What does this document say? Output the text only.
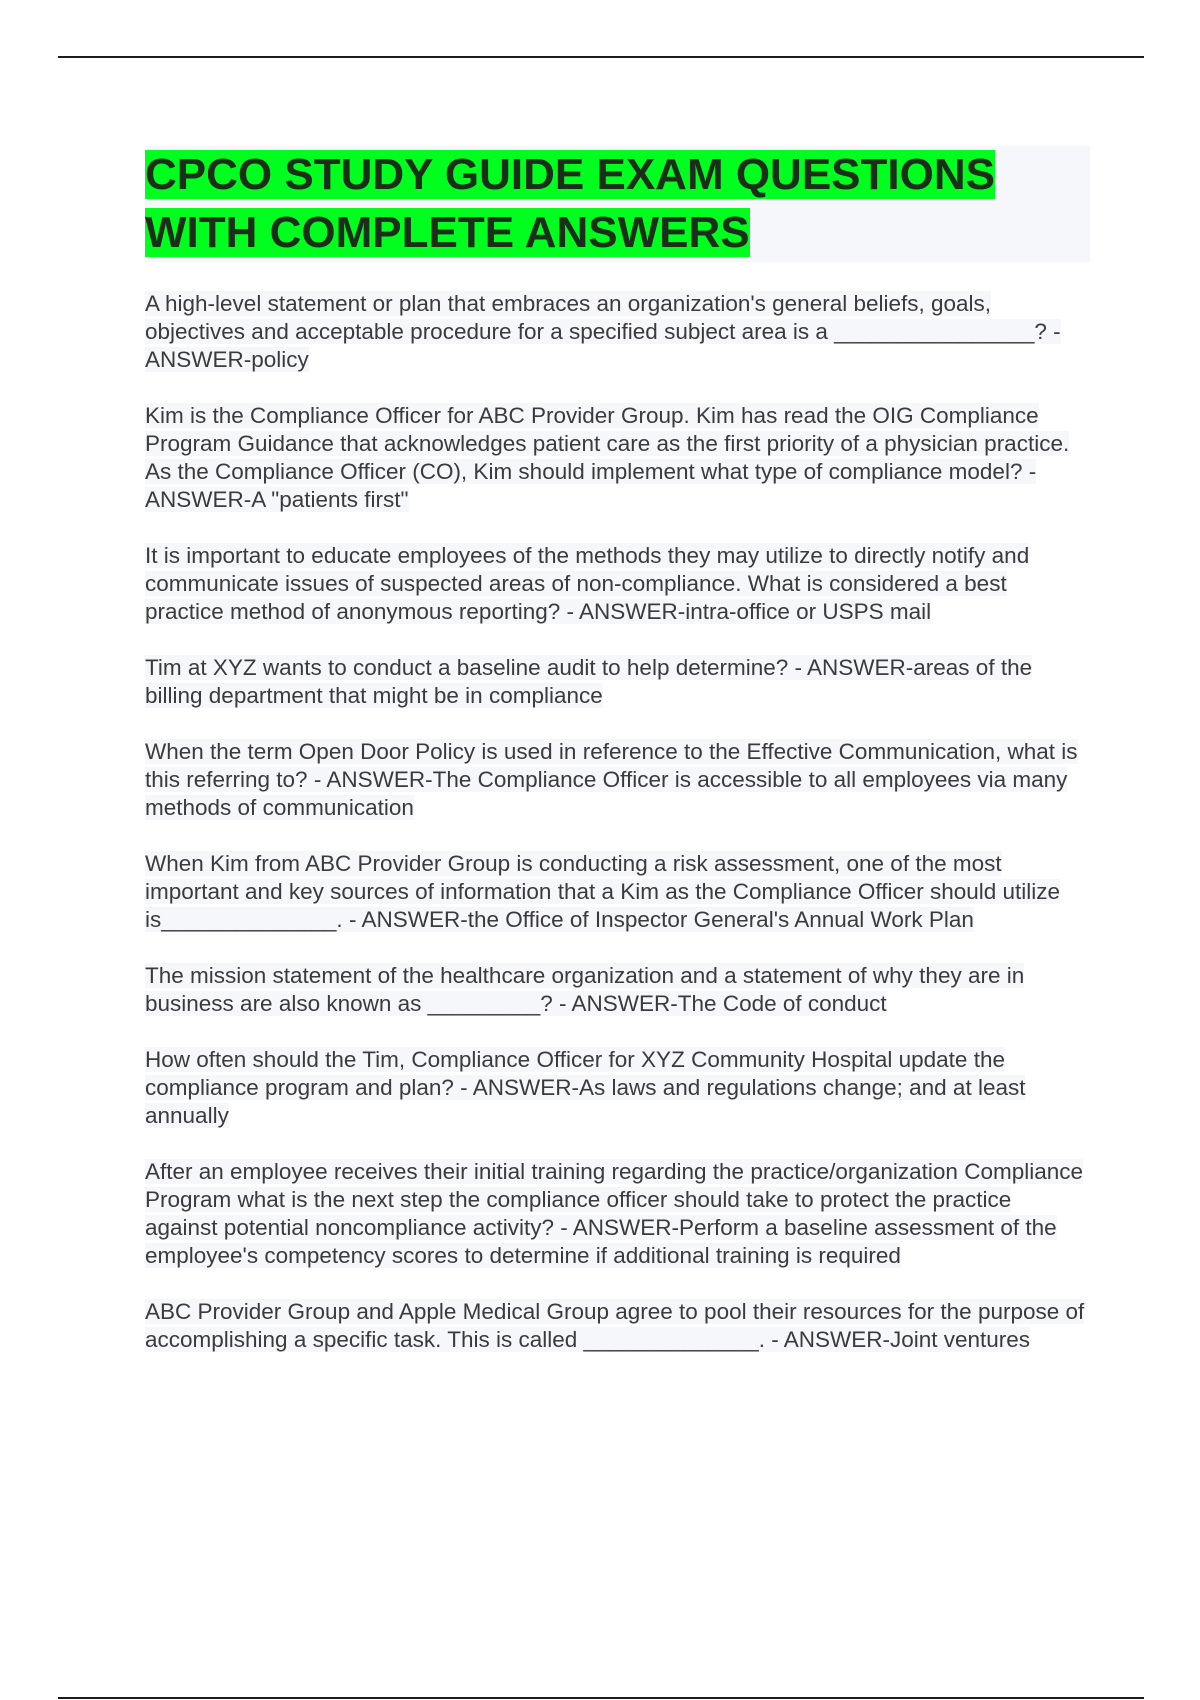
CPCO STUDY GUIDE EXAM QUESTIONS WITH COMPLETE ANSWERS

A high-level statement or plan that embraces an organization's general beliefs, goals, objectives and acceptable procedure for a specified subject area is a ________________? - ANSWER-policy

Kim is the Compliance Officer for ABC Provider Group. Kim has read the OIG Compliance Program Guidance that acknowledges patient care as the first priority of a physician practice. As the Compliance Officer (CO), Kim should implement what type of compliance model? - ANSWER-A "patients first"

It is important to educate employees of the methods they may utilize to directly notify and communicate issues of suspected areas of non-compliance. What is considered a best practice method of anonymous reporting? - ANSWER-intra-office or USPS mail

Tim at XYZ wants to conduct a baseline audit to help determine? - ANSWER-areas of the billing department that might be in compliance

When the term Open Door Policy is used in reference to the Effective Communication, what is this referring to? - ANSWER-The Compliance Officer is accessible to all employees via many methods of communication

When Kim from ABC Provider Group is conducting a risk assessment, one of the most important and key sources of information that a Kim as the Compliance Officer should utilize is______________. - ANSWER-the Office of Inspector General's Annual Work Plan

The mission statement of the healthcare organization and a statement of why they are in business are also known as _________? - ANSWER-The Code of conduct

How often should the Tim, Compliance Officer for XYZ Community Hospital update the compliance program and plan? - ANSWER-As laws and regulations change; and at least annually

After an employee receives their initial training regarding the practice/organization Compliance Program what is the next step the compliance officer should take to protect the practice against potential noncompliance activity? - ANSWER-Perform a baseline assessment of the employee's competency scores to determine if additional training is required

ABC Provider Group and Apple Medical Group agree to pool their resources for the purpose of accomplishing a specific task. This is called ______________. - ANSWER-Joint ventures
